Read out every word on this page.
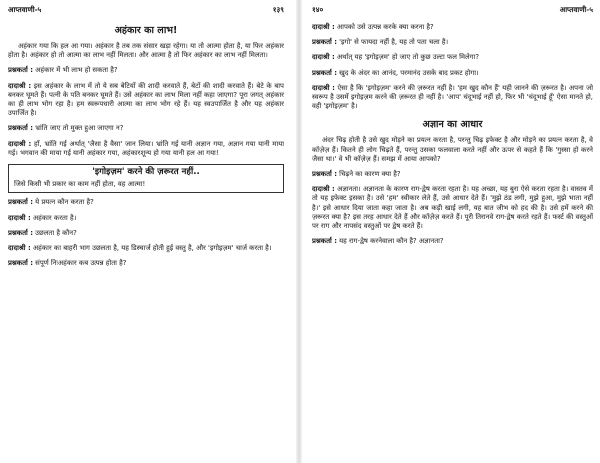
आप्तवाणी-५	१३९
अहंकार का लाभ!

अहंकार गया कि हल आ गया। अहंकार है तब तक संसार खड़ा रहेगा। या तो आत्मा होता है, या फिर अहंकार होता है। अहंकार हो तो आत्मा का लाभ नहीं मिलता। और आत्मा है तो फिर अहंकार का लाभ नहीं मिलता।

प्रश्नकर्ता : अहंकार में भी लाभ हो सकता है?

दादाश्री : इस अहंकार के लाभ में तो ये सब बेटियों की शादी करवाते हैं, बेटों की शादी करवाते हैं। बेटे के बाप बनकर घूमते हैं। पत्नी के पति बनकर घूमते हैं। उसे अहंकार का लाभ मिला नहीं कहा जाएगा? पूरा जगत् अहंकार का ही लाभ भोग रहा है। हम स्वरूपधारी आत्मा का लाभ भोग रहे हैं। यह स्वउपार्जित है और यह अहंकार उपार्जित है।

प्रश्नकर्ता : भ्रांति जाए तो मुक्त हुआ जाएगा न?

दादाश्री : हाँ, भ्रांति गई अर्थात् 'जैसा है वैसा' जान लिया। भ्रांति गई यानी अज्ञान गया, अज्ञान गया यानी माया गई। भगवान की माया गई यानी अहंकार गया, अहंकारशून्य हो गया यानी हल आ गया!

'इगोइज़म' करने की ज़रूरत नहीं..
जिसे किसी भी प्रकार का काम नहीं होता, वह आत्मा!

प्रश्नकर्ता : ये प्रयत्न कौन करता है?

दादाश्री : अहंकार करता है।

प्रश्नकर्ता : उछलता है कौन?

दादाश्री : अहंकार का बाहरी भाग उछलता है, यह डिस्चार्ज होती हुई वस्तु है, और 'इगोइज़म' चार्ज करता है।

प्रश्नकर्ता : संपूर्ण निःअहंकार कब उत्पन्न होता है?

१४०	आप्तवाणी-५

दादाश्री : आपको उसे उत्पन्न करके क्या करना है?

प्रश्नकर्ता : 'इगो' से फायदा नहीं है, यह तो पता चला है।

दादाश्री : अर्थात् यह 'इगोइज़म' हो जाए तो कुछ उल्टा फल मिलेगा?

प्रश्नकर्ता : खुद के अंदर का आनंद, परमानंद उसके बाद प्रकट होगा।

दादाश्री : ऐसा है कि 'इगोइज़म' करने की ज़रूरत नहीं है। 'हम खुद कौन हैं' यही जानने की ज़रूरत है। अपना जो स्वरूप है उसमें इगोइज़म करने की ज़रूरत ही नहीं है। 'आप' चंदूभाई नहीं हो, फिर भी 'चंदूभाई हूँ' ऐसा मानते हो, वही 'इगोइज़म' है।

अज्ञान का आधार

अंदर चिढ़ होती है उसे खुद मोड़ने का प्रयत्न करता है, परन्तु चिढ़ इफेक्ट है और मोड़ने का प्रयत्न करता है, वे कॉज़ेज़ हैं। कितने ही लोग चिढ़ते हैं, परन्तु उसका फलवाला करते नहीं और ऊपर से कहते हैं कि 'गुस्सा हो करने जैसा था।' वे भी कॉज़ेज़ हैं। समझ में आया आपको?

प्रश्नकर्ता : चिढ़ने का कारण क्या है?

दादाश्री : अज्ञानता। अज्ञानता के कारण राग-द्वेष करता रहता है। यह अच्छा, यह बुरा ऐसे करता रहता है। वास्तव में तो यह इफेक्ट इसका है। उसे 'हम' स्वीकार लेते हैं, उसे आधार देते हैं। 'मुझे ठंड लगी, मुझे हुआ, मुझे भाता नहीं है।' इसे आधार दिया जाता कहा जाता है। अब कड़ी खाई लगी, यह बात जीभ को हद की है। उसे हमें करने की ज़रूरत क्या है? इस तरह आधार देते हैं और कॉज़ेज़ करते हैं। पूरी तिरानवे राग-द्वेष करते रहते हैं। फर्स्ट की वस्तुओं पर राग और नापसंद वस्तुओं पर द्वेष करते हैं।

प्रश्नकर्ता : यह राग-द्वेष करनेवाला कौन है? अज्ञानता?
